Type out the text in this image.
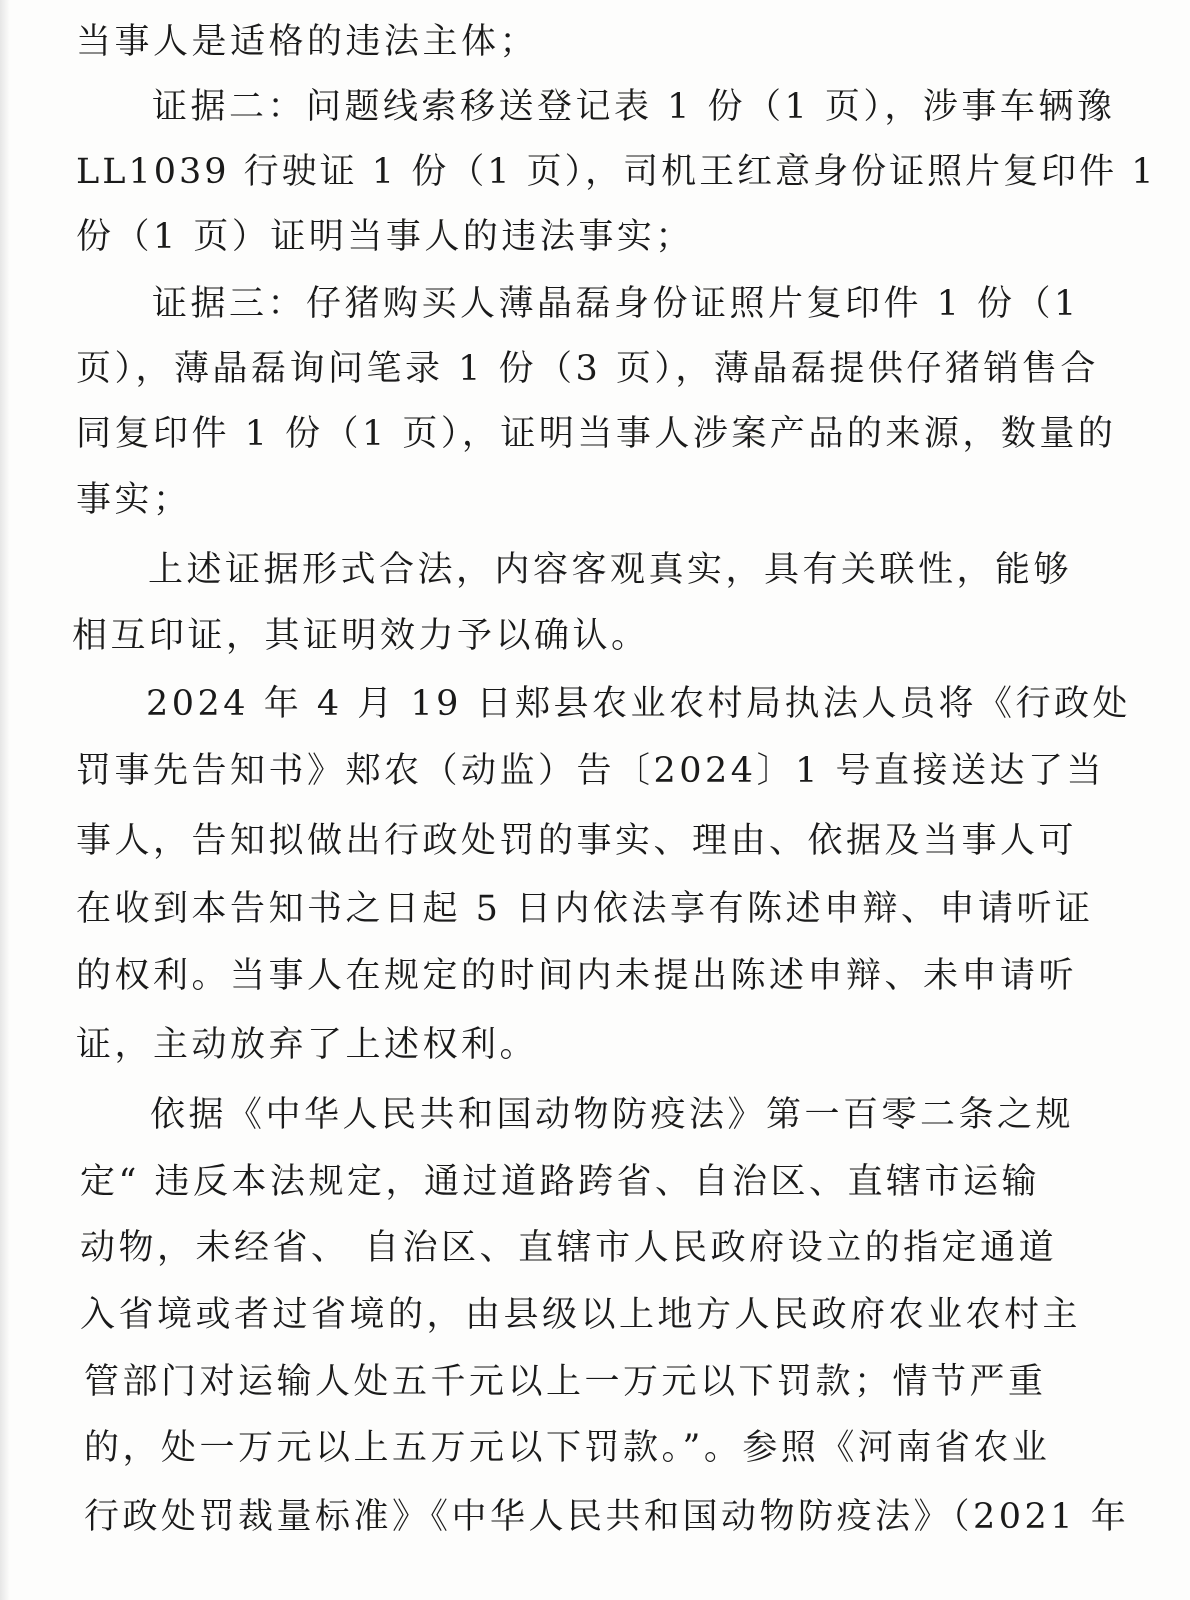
当事人是适格的违法主体；
证据二：问题线索移送登记表 1 份（1 页），涉事车辆豫
LL1039 行驶证 1 份（1 页），司机王红意身份证照片复印件 1
份（1 页）证明当事人的违法事实；
证据三：仔猪购买人薄晶磊身份证照片复印件 1 份（1
页），薄晶磊询问笔录 1 份（3 页），薄晶磊提供仔猪销售合
同复印件 1 份（1 页），证明当事人涉案产品的来源，数量的
事实；
上述证据形式合法，内容客观真实，具有关联性，能够
相互印证，其证明效力予以确认。
2024 年 4 月 19 日郏县农业农村局执法人员将《行政处
罚事先告知书》郏农（动监）告〔2024〕1 号直接送达了当
事人，告知拟做出行政处罚的事实、理由、依据及当事人可
在收到本告知书之日起 5 日内依法享有陈述申辩、申请听证
的权利。当事人在规定的时间内未提出陈述申辩、未申请听
证，主动放弃了上述权利。
依据《中华人民共和国动物防疫法》第一百零二条之规
定“ 违反本法规定，通过道路跨省、自治区、直辖市运输
动物，未经省、 自治区、直辖市人民政府设立的指定通道
入省境或者过省境的，由县级以上地方人民政府农业农村主
管部门对运输人处五千元以上一万元以下罚款；情节严重
的，处一万元以上五万元以下罚款。”。参照《河南省农业
行政处罚裁量标准》《中华人民共和国动物防疫法》（2021 年
